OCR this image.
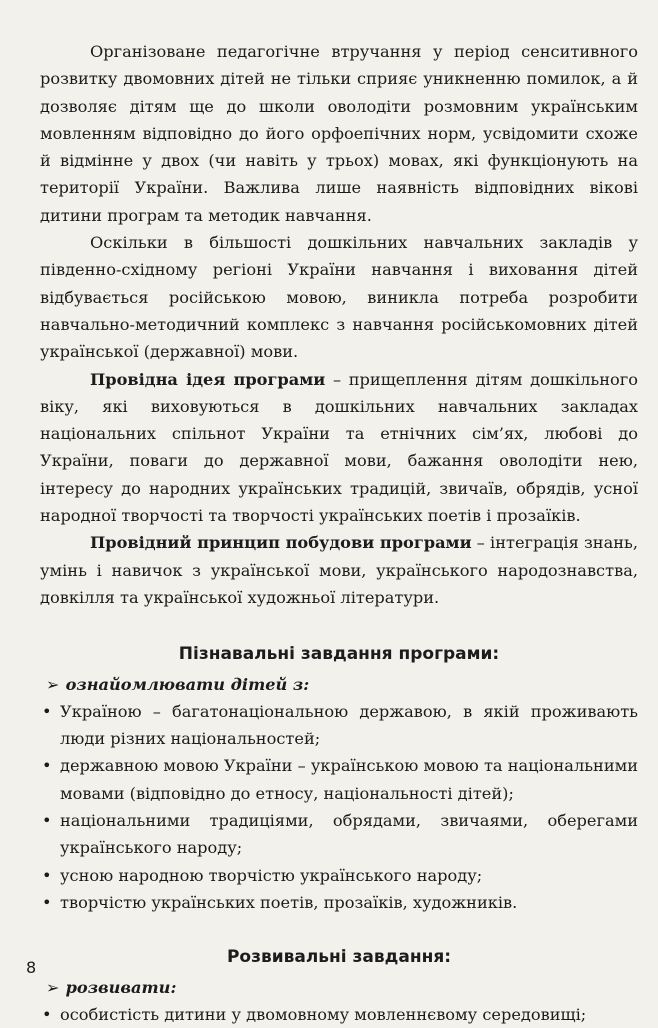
Організоване педагогічне втручання у період сенситивного розвитку двомовних дітей не тільки сприяє уникненню помилок, а й дозволяє дітям ще до школи оволодіти розмовним українським мовленням відповідно до його орфоепічних норм, усвідомити схоже й відмінне у двох (чи навіть у трьох) мовах, які функціонують на території України. Важлива лише наявність відповідних вікові дитини програм та методик навчання.

Оскільки в більшості дошкільних навчальних закладів у південно-східному регіоні України навчання і виховання дітей відбувається російською мовою, виникла потреба розробити навчально-методичний комплекс з навчання російськомовних дітей української (державної) мови.

Провідна ідея програми – прищеплення дітям дошкільного віку, які виховуються в дошкільних навчальних закладах національних спільнот України та етнічних сім’ях, любові до України, поваги до державної мови, бажання оволодіти нею, інтересу до народних українських традицій, звичаїв, обрядів, усної народної творчості та творчості українських поетів і прозаїків.

Провідний принцип побудови програми – інтеграція знань, умінь і навичок з української мови, українського народознавства, довкілля та української художньої літератури.

Пізнавальні завдання програми:
➢ ознайомлювати дітей з:
• Україною – багатонаціональною державою, в якій проживають люди різних національностей;
• державною мовою України – українською мовою та національними мовами (відповідно до етносу, національності дітей);
• національними традиціями, обрядами, звичаями, оберегами українського народу;
• усною народною творчістю українського народу;
• творчістю українських поетів, прозаїків, художників.
Розвивальні завдання:
➢ розвивати:
• особистість дитини у двомовному мовленнєвому середовищі;
8
